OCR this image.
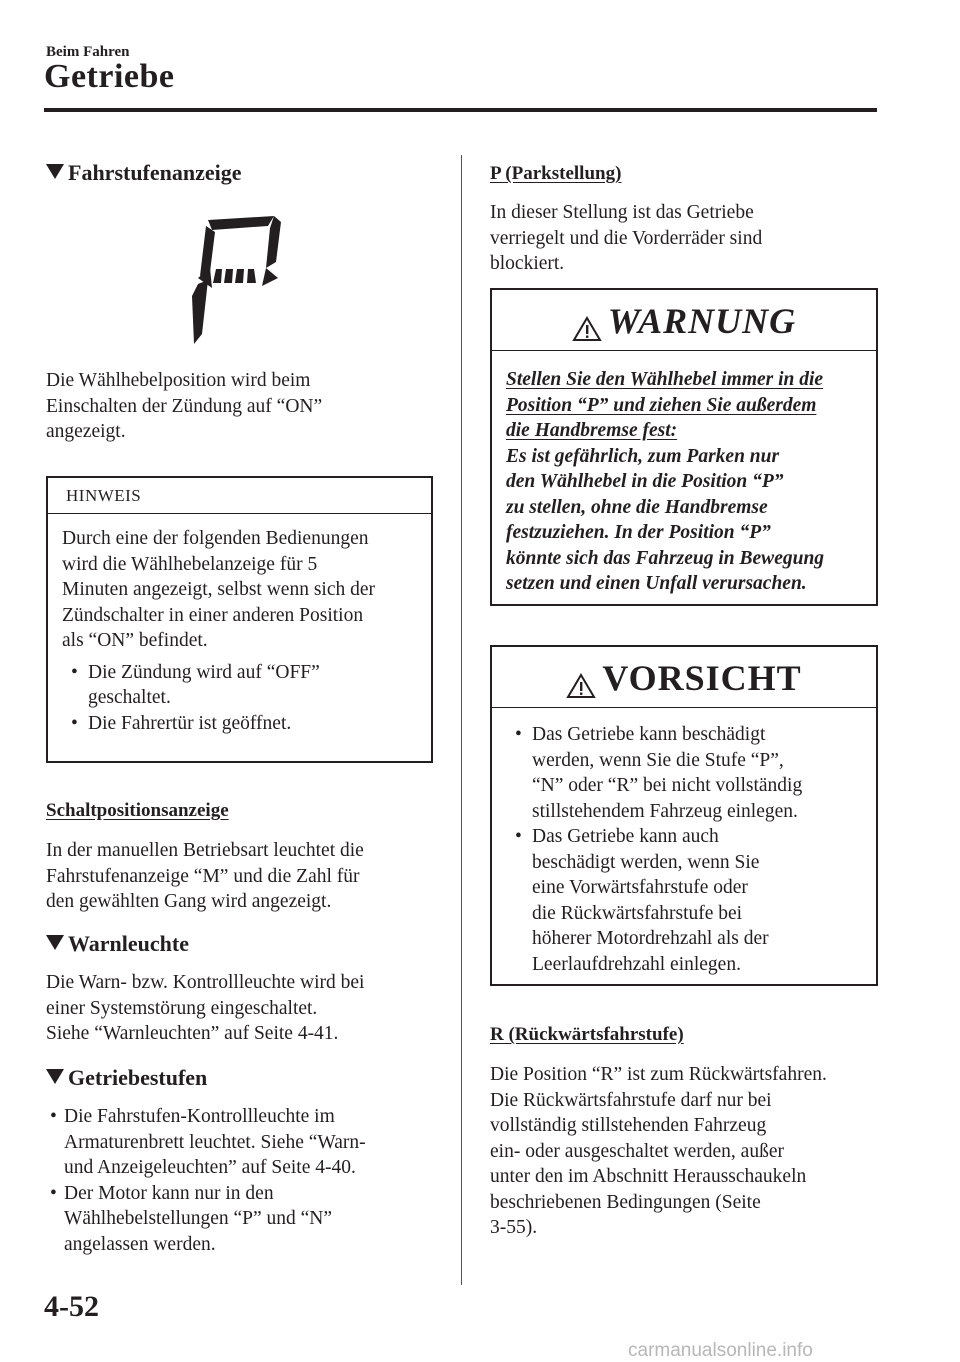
Beim Fahren
Getriebe
Fahrstufenanzeige
Die Wählhebelposition wird beim
Einschalten der Zündung auf “ON”
angezeigt.
HINWEIS
Durch eine der folgenden Bedienungen
wird die Wählhebelanzeige für 5
Minuten angezeigt, selbst wenn sich der
Zündschalter in einer anderen Position
als “ON” befindet.
• Die Zündung wird auf “OFF”
geschaltet.
• Die Fahrertür ist geöffnet.
Schaltpositionsanzeige
In der manuellen Betriebsart leuchtet die
Fahrstufenanzeige “M” und die Zahl für
den gewählten Gang wird angezeigt.
Warnleuchte
Die Warn- bzw. Kontrollleuchte wird bei
einer Systemstörung eingeschaltet.
Siehe “Warnleuchten” auf Seite 4-41.
Getriebestufen
• Die Fahrstufen-Kontrollleuchte im
Armaturenbrett leuchtet. Siehe “Warn-
und Anzeigeleuchten” auf Seite 4-40.
• Der Motor kann nur in den
Wählhebelstellungen “P” und “N”
angelassen werden.
P (Parkstellung)
In dieser Stellung ist das Getriebe
verriegelt und die Vorderräder sind
blockiert.
WARNUNG
Stellen Sie den Wählhebel immer in die
Position “P” und ziehen Sie außerdem
die Handbremse fest:
Es ist gefährlich, zum Parken nur
den Wählhebel in die Position “P”
zu stellen, ohne die Handbremse
festzuziehen. In der Position “P”
könnte sich das Fahrzeug in Bewegung
setzen und einen Unfall verursachen.
VORSICHT
• Das Getriebe kann beschädigt
werden, wenn Sie die Stufe “P”,
“N” oder “R” bei nicht vollständig
stillstehendem Fahrzeug einlegen.
• Das Getriebe kann auch
beschädigt werden, wenn Sie
eine Vorwärtsfahrstufe oder
die Rückwärtsfahrstufe bei
höherer Motordrehzahl als der
Leerlaufdrehzahl einlegen.
R (Rückwärtsfahrstufe)
Die Position “R” ist zum Rückwärtsfahren.
Die Rückwärtsfahrstufe darf nur bei
vollständig stillstehenden Fahrzeug
ein- oder ausgeschaltet werden, außer
unter den im Abschnitt Herausschaukeln
beschriebenen Bedingungen (Seite
3-55).
4-52
carmanualsonline.info
